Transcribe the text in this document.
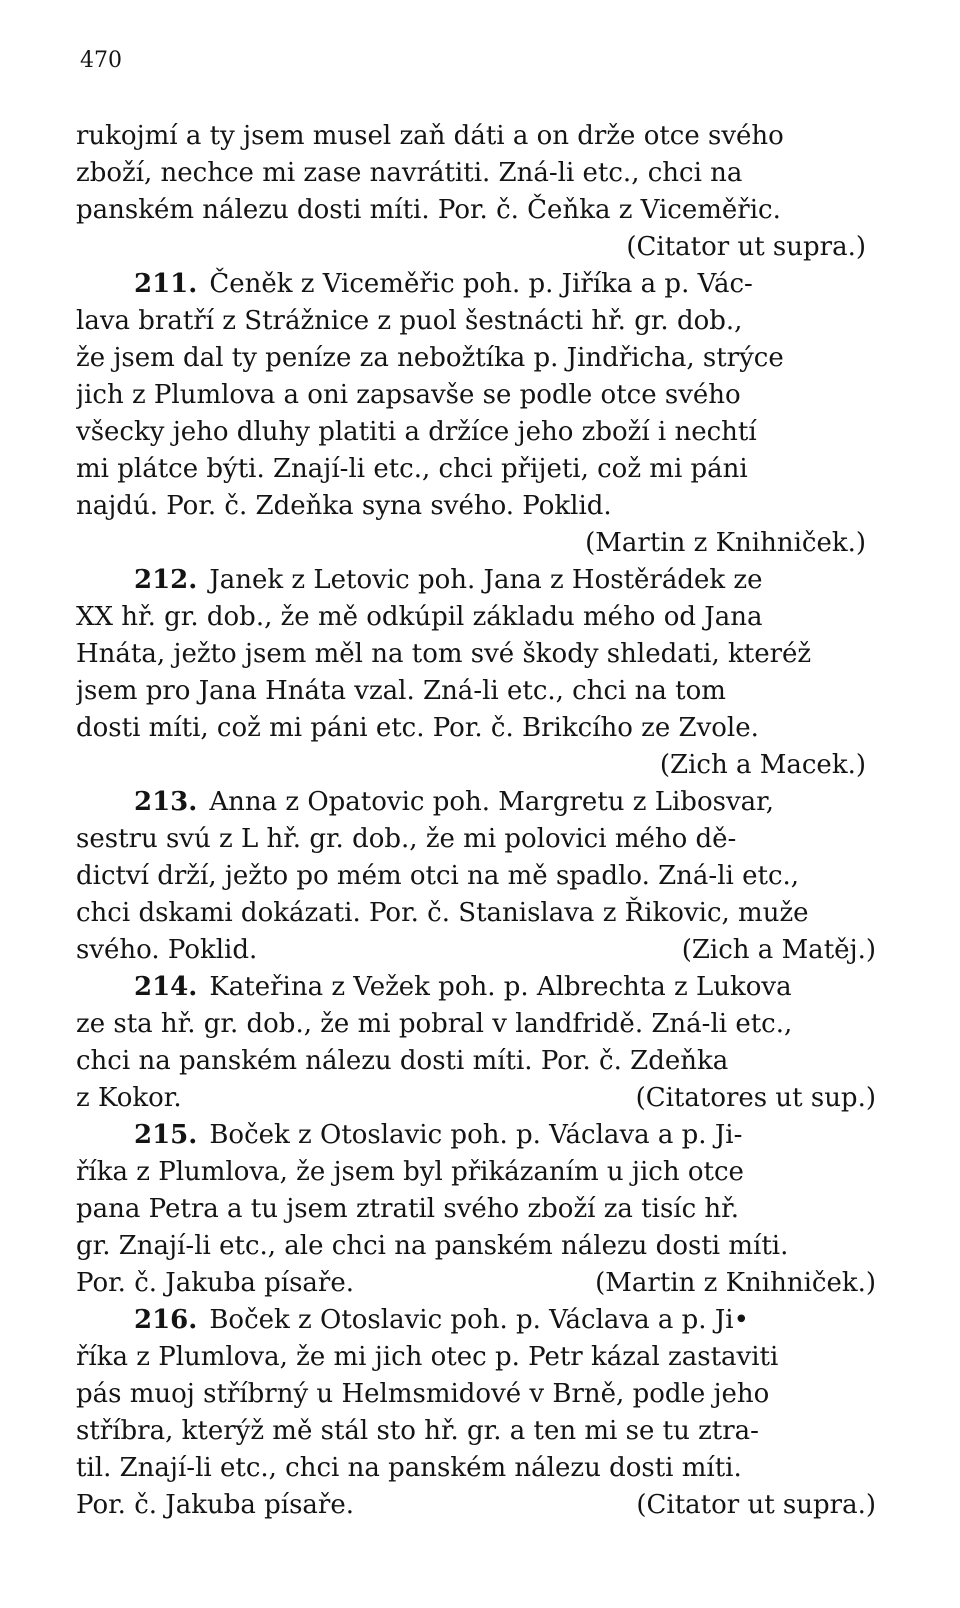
470
rukojmí a ty jsem musel zaň dáti a on drže otce svého
zboží, nechce mi zase navrátiti. Zná-li etc., chci na
panském nálezu dosti míti. Por. č. Čeňka z Viceměřic.
(Citator ut supra.)
211. Čeněk z Viceměřic poh. p. Jiříka a p. Vác-
lava bratří z Strážnice z puol šestnácti hř. gr. dob.,
že jsem dal ty peníze za nebožtíka p. Jindřicha, strýce
jich z Plumlova a oni zapsavše se podle otce svého
všecky jeho dluhy platiti a držíce jeho zboží i nechtí
mi plátce býti. Znají-li etc., chci přijeti, což mi páni
najdú. Por. č. Zdeňka syna svého. Poklid.
(Martin z Knihniček.)
212. Janek z Letovic poh. Jana z Hostěrádek ze
XX hř. gr. dob., že mě odkúpil základu mého od Jana
Hnáta, ježto jsem měl na tom své škody shledati, kteréž
jsem pro Jana Hnáta vzal. Zná-li etc., chci na tom
dosti míti, což mi páni etc. Por. č. Brikcího ze Zvole.
(Zich a Macek.)
213. Anna z Opatovic poh. Margretu z Libosvar,
sestru svú z L hř. gr. dob., že mi polovici mého dě-
dictví drží, ježto po mém otci na mě spadlo. Zná-li etc.,
chci dskami dokázati. Por. č. Stanislava z Řikovic, muže
svého. Poklid.	(Zich a Matěj.)
214. Kateřina z Vežek poh. p. Albrechta z Lukova
ze sta hř. gr. dob., že mi pobral v landfridě. Zná-li etc.,
chci na panském nálezu dosti míti. Por. č. Zdeňka
z Kokor.	(Citatores ut sup.)
215. Boček z Otoslavic poh. p. Václava a p. Ji-
říka z Plumlova, že jsem byl přikázaním u jich otce
pana Petra a tu jsem ztratil svého zboží za tisíc hř.
gr. Znají-li etc., ale chci na panském nálezu dosti míti.
Por. č. Jakuba písaře.	(Martin z Knihniček.)
216. Boček z Otoslavic poh. p. Václava a p. Ji•
říka z Plumlova, že mi jich otec p. Petr kázal zastaviti
pás muoj stříbrný u Helmsmidové v Brně, podle jeho
stříbra, kterýž mě stál sto hř. gr. a ten mi se tu ztra-
til. Znají-li etc., chci na panském nálezu dosti míti.
Por. č. Jakuba písaře.	(Citator ut supra.)
